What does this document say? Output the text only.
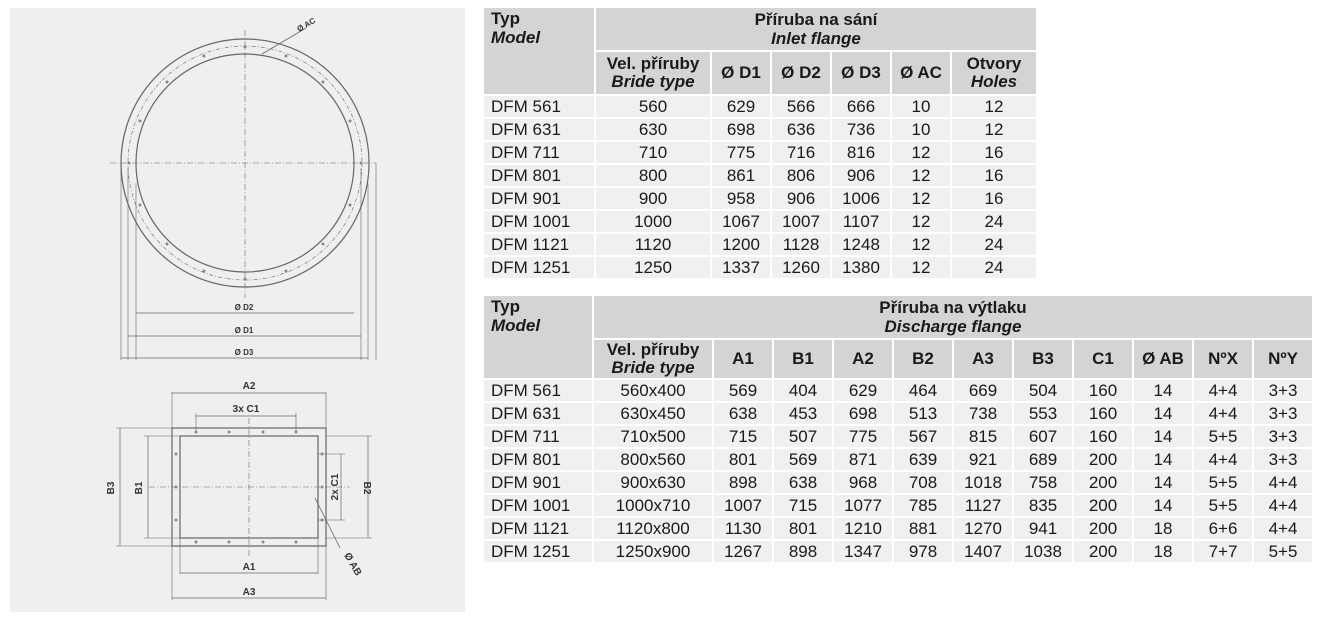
Ø AC
Ø D2
Ø D1
Ø D3
A2
3x C1
B3 B1	2x C1 B2
A1
A3
Ø AB
Typ
Model	Příruba na sání
Inlet flange					

	Vel. příruby
Bride type	Ø D1	Ø D2	Ø D3	Ø AC	Otvory
Holes

DFM 561	560	629	566	666	10	12
DFM 631	630	698	636	736	10	12
DFM 711	710	775	716	816	12	16
DFM 801	800	861	806	906	12	16
DFM 901	900	958	906	1006	12	16
DFM 1001	1000	1067	1007	1107	12	24
DFM 1121	1120	1200	1128	1248	12	24
DFM 1251	1250	1337	1260	1380	12	24
Typ
Model	Příruba na výtlaku
Discharge flange										

	Vel. příruby
Bride type	A1	B1	A2	B2	A3	B3	C1	Ø AB	NºX	NºY
DFM 561	560x400	569	404	629	464	669	504	160	14	4+4	3+3
DFM 631	630x450	638	453	698	513	738	553	160	14	4+4	3+3
DFM 711	710x500	715	507	775	567	815	607	160	14	5+5	3+3
DFM 801	800x560	801	569	871	639	921	689	200	14	4+4	3+3
DFM 901	900x630	898	638	968	708	1018	758	200	14	5+5	4+4
DFM 1001	1000x710	1007	715	1077	785	1127	835	200	14	5+5	4+4
DFM 1121	1120x800	1130	801	1210	881	1270	941	200	18	6+6	4+4
DFM 1251	1250x900	1267	898	1347	978	1407	1038	200	18	7+7	5+5
